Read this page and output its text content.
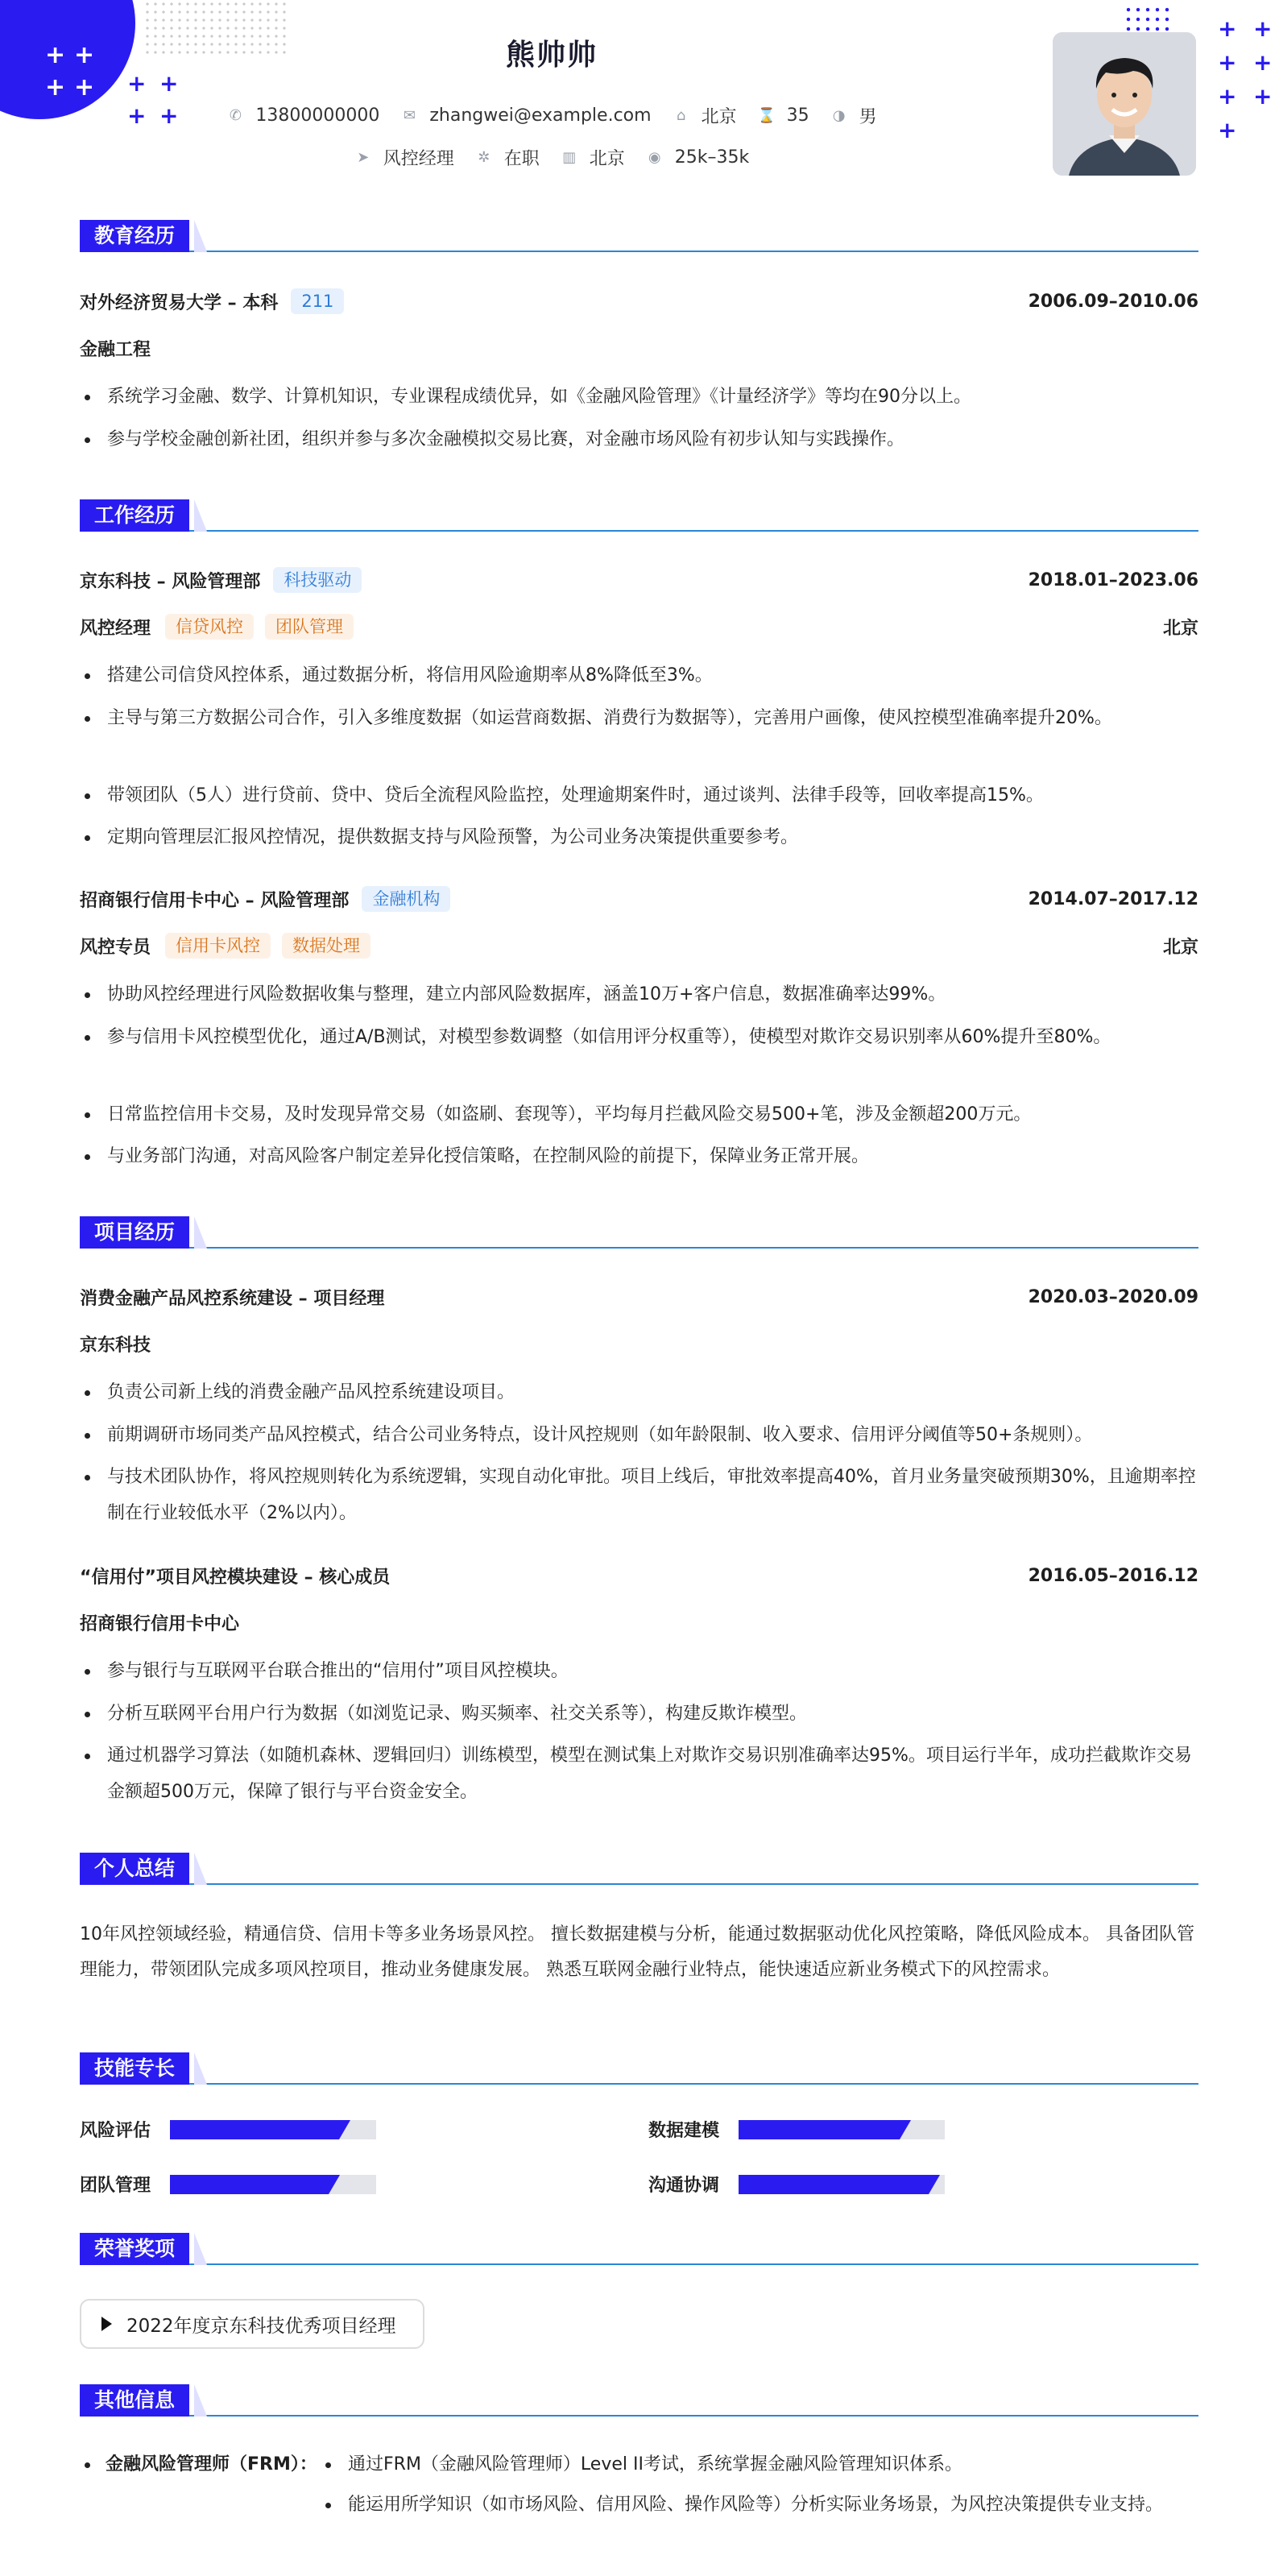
+ +
+ + + +
+ +
+ +
+ +
+ +
+
熊帅帅
✆ 13800000000 ✉ zhangwei@example.com ⌂ 北京 ⌛ 35 ◑ 男
➤ 风控经理 ✲ 在职 ▥ 北京 ◉ 25k–35k
教育经历
对外经济贸易大学 – 本科	211	2006.09–2010.06
金融工程
系统学习金融、数学、计算机知识，专业课程成绩优异，如《金融风险管理》《计量经济学》等均在90分以上。
参与学校金融创新社团，组织并参与多次金融模拟交易比赛，对金融市场风险有初步认知与实践操作。
工作经历
京东科技 – 风险管理部	科技驱动	2018.01–2023.06
风控经理	信贷风控	团队管理	北京
搭建公司信贷风控体系，通过数据分析，将信用风险逾期率从8%降低至3%。
主导与第三方数据公司合作，引入多维度数据（如运营商数据、消费行为数据等），完善用户画像，使风控模型准确率提升20%。
带领团队（5人）进行贷前、贷中、贷后全流程风险监控，处理逾期案件时，通过谈判、法律手段等，回收率提高15%。
定期向管理层汇报风控情况，提供数据支持与风险预警，为公司业务决策提供重要参考。
招商银行信用卡中心 – 风险管理部	金融机构	2014.07–2017.12
风控专员	信用卡风控	数据处理	北京
协助风控经理进行风险数据收集与整理，建立内部风险数据库，涵盖10万+客户信息，数据准确率达99%。
参与信用卡风控模型优化，通过A/B测试，对模型参数调整（如信用评分权重等），使模型对欺诈交易识别率从60%提升至80%。
日常监控信用卡交易，及时发现异常交易（如盗刷、套现等），平均每月拦截风险交易500+笔，涉及金额超200万元。
与业务部门沟通，对高风险客户制定差异化授信策略，在控制风险的前提下，保障业务正常开展。
项目经历
消费金融产品风控系统建设 – 项目经理	2020.03–2020.09
京东科技
负责公司新上线的消费金融产品风控系统建设项目。
前期调研市场同类产品风控模式，结合公司业务特点，设计风控规则（如年龄限制、收入要求、信用评分阈值等50+条规则）。
与技术团队协作，将风控规则转化为系统逻辑，实现自动化审批。项目上线后，审批效率提高40%，首月业务量突破预期30%，且逾期率控制在行业较低水平（2%以内）。
“信用付”项目风控模块建设 – 核心成员	2016.05–2016.12
招商银行信用卡中心
参与银行与互联网平台联合推出的“信用付”项目风控模块。
分析互联网平台用户行为数据（如浏览记录、购买频率、社交关系等），构建反欺诈模型。
通过机器学习算法（如随机森林、逻辑回归）训练模型，模型在测试集上对欺诈交易识别准确率达95%。项目运行半年，成功拦截欺诈交易金额超500万元，保障了银行与平台资金安全。
个人总结
10年风控领域经验，精通信贷、信用卡等多业务场景风控。 擅长数据建模与分析，能通过数据驱动优化风控策略，降低风险成本。 具备团队管理能力，带领团队完成多项风控项目，推动业务健康发展。 熟悉互联网金融行业特点，能快速适应新业务模式下的风控需求。
技能专长
风险评估	数据建模
团队管理	沟通协调
荣誉奖项
2022年度京东科技优秀项目经理
其他信息
金融风险管理师（FRM）：	通过FRM（金融风险管理师）Level II考试，系统掌握金融风险管理知识体系。
能运用所学知识（如市场风险、信用风险、操作风险等）分析实际业务场景，为风控决策提供专业支持。
